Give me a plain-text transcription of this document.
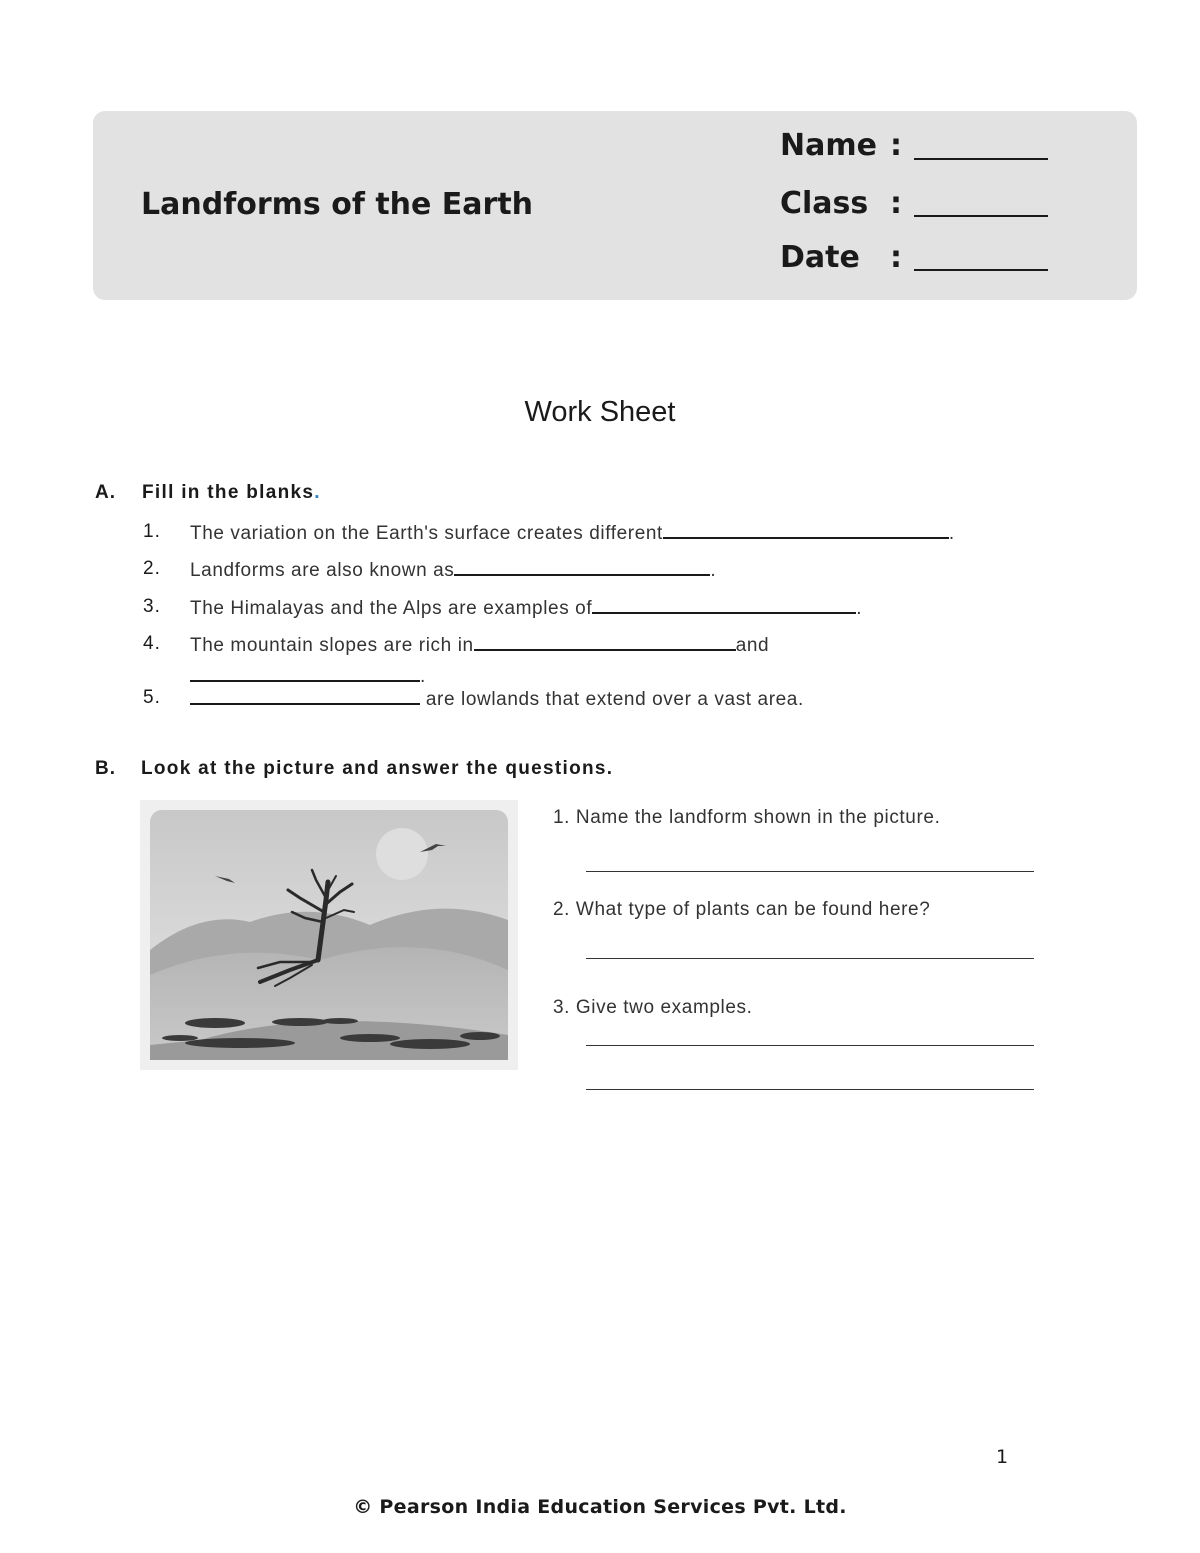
Landforms of the Earth
Name :
Class :
Date :
Work Sheet
A. Fill in the blanks.
1. The variation on the Earth's surface creates different	.
2. Landforms are also known as	.
3. The Himalayas and the Alps are examples of	.
4. The mountain slopes are rich in	and
.
5.	are lowlands that extend over a vast area.
B. Look at the picture and answer the questions.
1. Name the landform shown in the picture.
2. What type of plants can be found here?
3. Give two examples.
1
© Pearson India Education Services Pvt. Ltd.
